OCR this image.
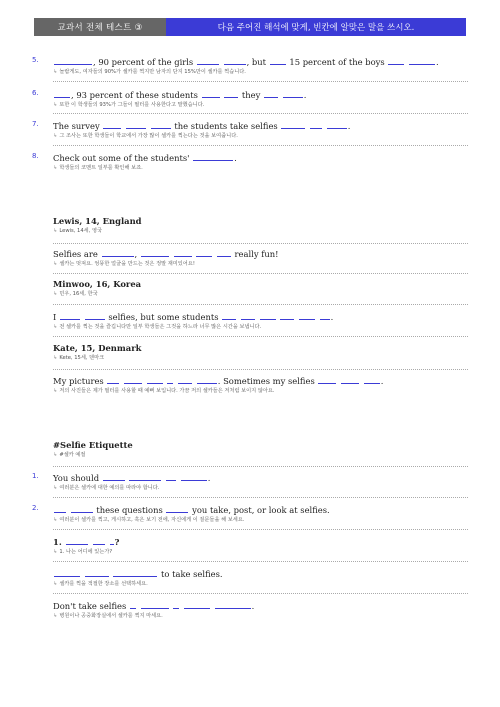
교과서 전체 테스트 ③	다음 주어진 해석에 맞게, 빈칸에 알맞은 말을 쓰시오.
5.	, 90 percent of the girls	, but	15 percent of the boys	.
↳ 놀랍게도, 여자들의 90%가 셀카를 찍지만 남자의 단지 15%만이 셀카를 찍습니다.
6.	, 93 percent of these students	they	.
↳ 또한 이 학생들의 93%가 그들이 필터를 사용한다고 말했습니다.
7. The survey	the students take selfies	.
↳ 그 조사는 또한 학생들이 학교에서 가장 많이 셀카를 찍는다는 것을 보여줍니다.
8. Check out some of the students'	.
↳ 학생들의 코멘트 일부를 확인해 보죠.
Lewis, 14, England
↳ Lewis, 14세, 영국
Selfies are	,	really fun!
↳ 셀카는 멋져요. 엉뚱한 얼굴을 만드는 것은 정말 재미있어요!
Minwoo, 16, Korea
↳ 민우, 16세, 한국
I	selfies, but some students	.
↳ 전 셀카를 찍는 것을 즐깁니다만 일부 학생들은 그것을 하느라 너무 많은 시간을 보냅니다.
Kate, 15, Denmark
↳ Kete, 15세, 덴마크
My pictures	. Sometimes my selfies	.
↳ 저의 사진들은 제가 필터를 사용할 때 예뻐 보입니다. 가끔 저의 셀카들은 저처럼 보이지 않아요.
#Selfie Etiquette
↳ #셀카 예절
1. You should	.
↳ 여러분은 셀카에 대한 예의를 따라야 합니다.
2.	these questions	you take, post, or look at selfies.
↳ 여러분이 셀카를 찍고, 게시하고, 혹은 보기 전에, 자신에게 이 질문들을 해 보세요.
1.	?
↳ 1. 나는 어디에 있는가?
to take selfies.
↳ 셀카를 찍을 적절한 장소를 선택하세요.
Don't take selfies	.
↳ 병원이나 공중화장실에서 셀카를 찍지 마세요.
